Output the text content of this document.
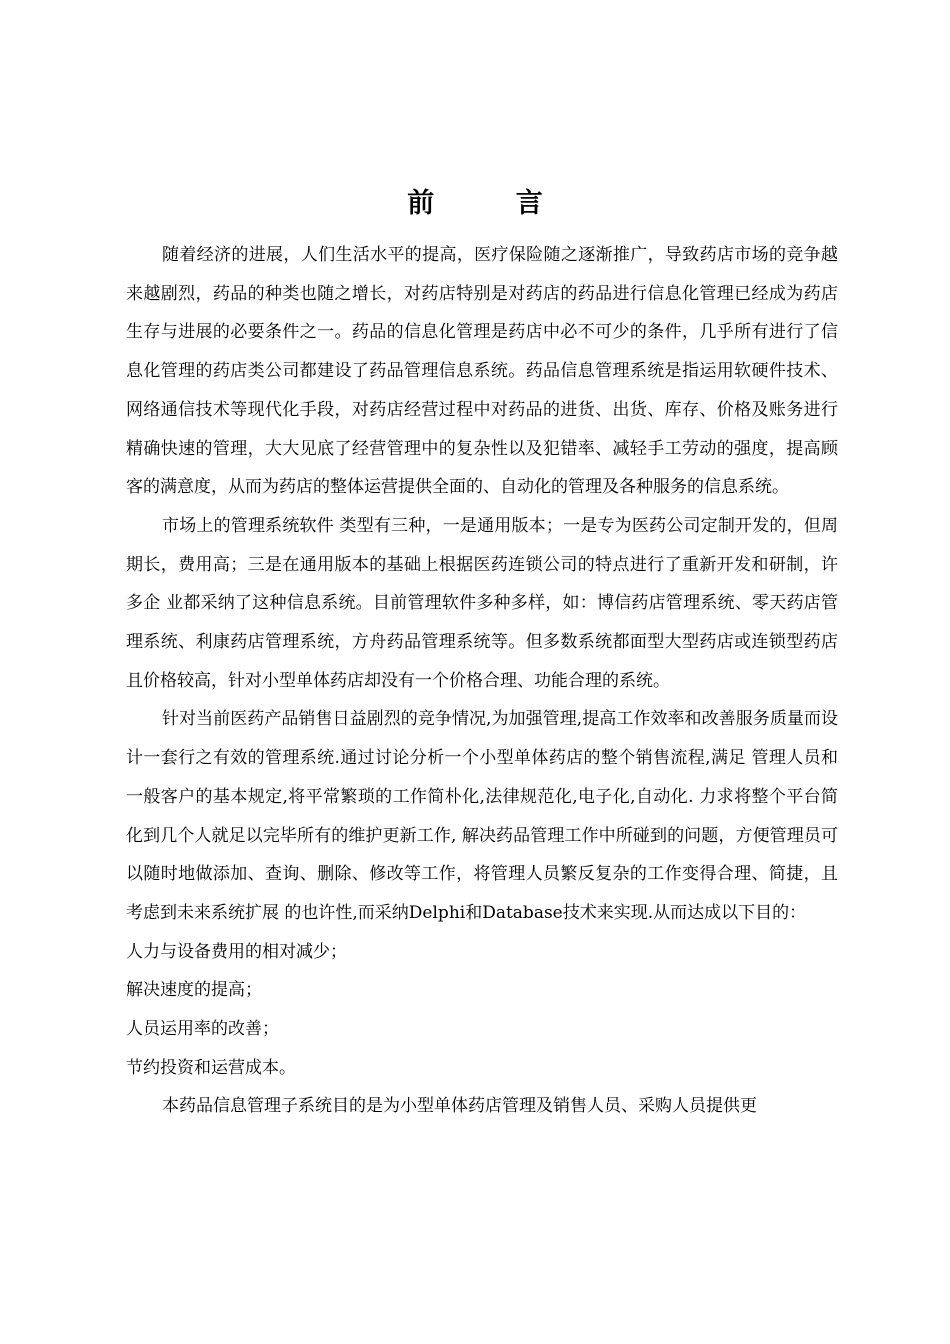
前 言

随着经济的进展，人们生活水平的提高，医疗保险随之逐渐推广，导致药店市场的竞争越来越剧烈，药品的种类也随之增长，对药店特别是对药店的药品进行信息化管理已经成为药店生存与进展的必要条件之一。药品的信息化管理是药店中必不可少的条件，几乎所有进行了信息化管理的药店类公司都建设了药品管理信息系统。药品信息管理系统是指运用软硬件技术、网络通信技术等现代化手段，对药店经营过程中对药品的进货、出货、库存、价格及账务进行精确快速的管理，大大见底了经营管理中的复杂性以及犯错率、减轻手工劳动的强度，提高顾客的满意度，从而为药店的整体运营提供全面的、自动化的管理及各种服务的信息系统。

市场上的管理系统软件 类型有三种，一是通用版本；一是专为医药公司定制开发的，但周期长，费用高；三是在通用版本的基础上根据医药连锁公司的特点进行了重新开发和研制，许多企 业都采纳了这种信息系统。目前管理软件多种多样，如：博信药店管理系统、零天药店管理系统、利康药店管理系统，方舟药品管理系统等。但多数系统都面型大型药店或连锁型药店且价格较高，针对小型单体药店却没有一个价格合理、功能合理的系统。

针对当前医药产品销售日益剧烈的竞争情况,为加强管理,提高工作效率和改善服务质量而设计一套行之有效的管理系统.通过讨论分析一个小型单体药店的整个销售流程,满足 管理人员和一般客户的基本规定,将平常繁琐的工作简朴化,法律规范化,电子化,自动化. 力求将整个平台简化到几个人就足以完毕所有的维护更新工作, 解决药品管理工作中所碰到的问题，方便管理员可以随时地做添加、查询、删除、修改等工作，将管理人员繁反复杂的工作变得合理、简捷，且考虑到未来系统扩展 的也许性,而采纳Delphi和Database技术来实现.从而达成以下目的：

人力与设备费用的相对减少；

解决速度的提高；

人员运用率的改善；

节约投资和运营成本。

本药品信息管理子系统目的是为小型单体药店管理及销售人员、采购人员提供更
